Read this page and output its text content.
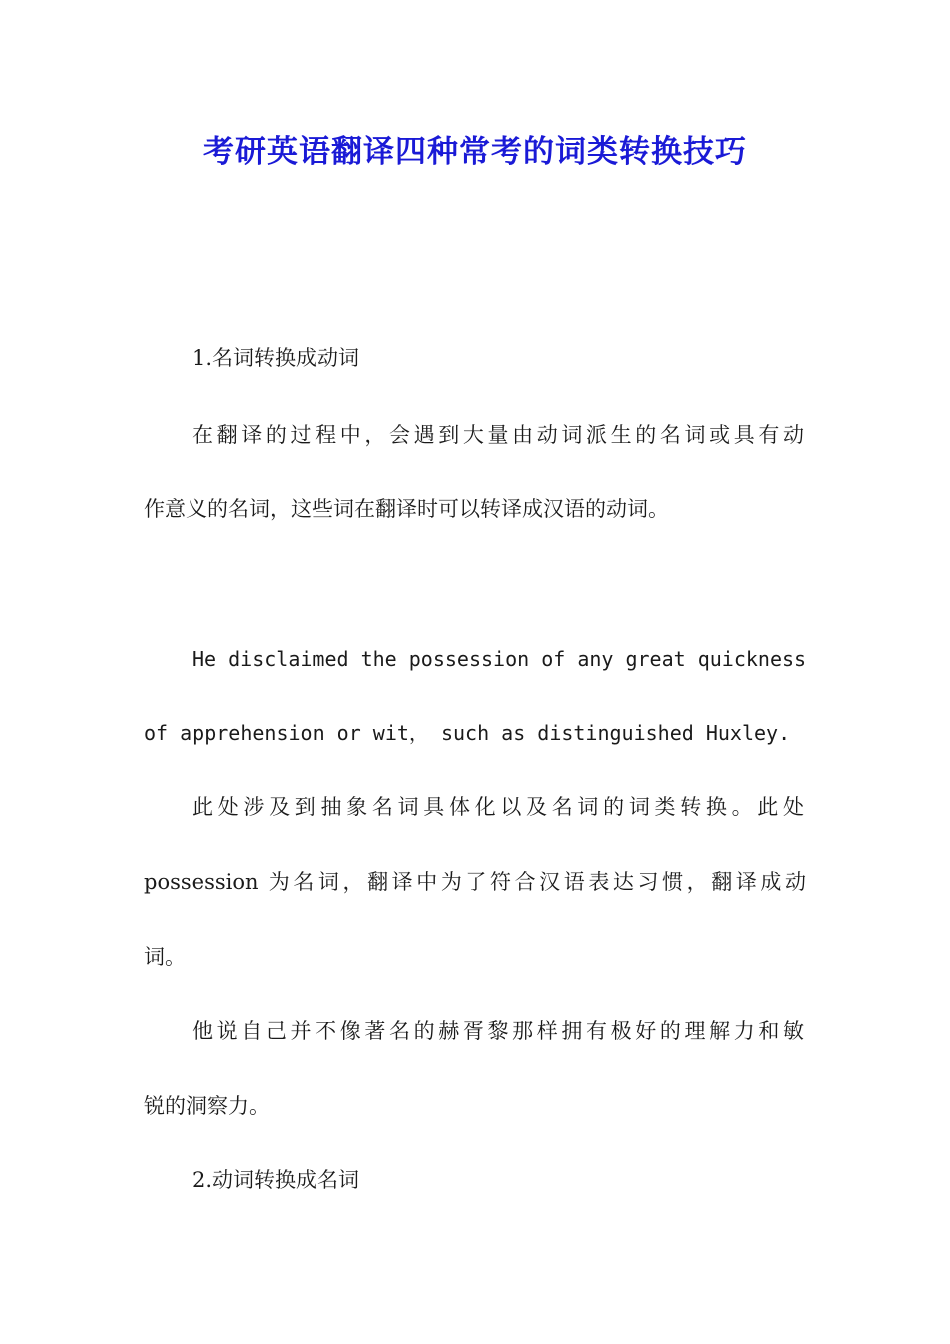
考研英语翻译四种常考的词类转换技巧

1.名词转换成动词

在翻译的过程中，会遇到大量由动词派生的名词或具有动

作意义的名词，这些词在翻译时可以转译成汉语的动词。

He disclaimed the possession of any great quickness

of apprehension or wit， such as distinguished Huxley.

此处涉及到抽象名词具体化以及名词的词类转换。此处

possession 为名词，翻译中为了符合汉语表达习惯，翻译成动

词。

他说自己并不像著名的赫胥黎那样拥有极好的理解力和敏

锐的洞察力。

2.动词转换成名词
